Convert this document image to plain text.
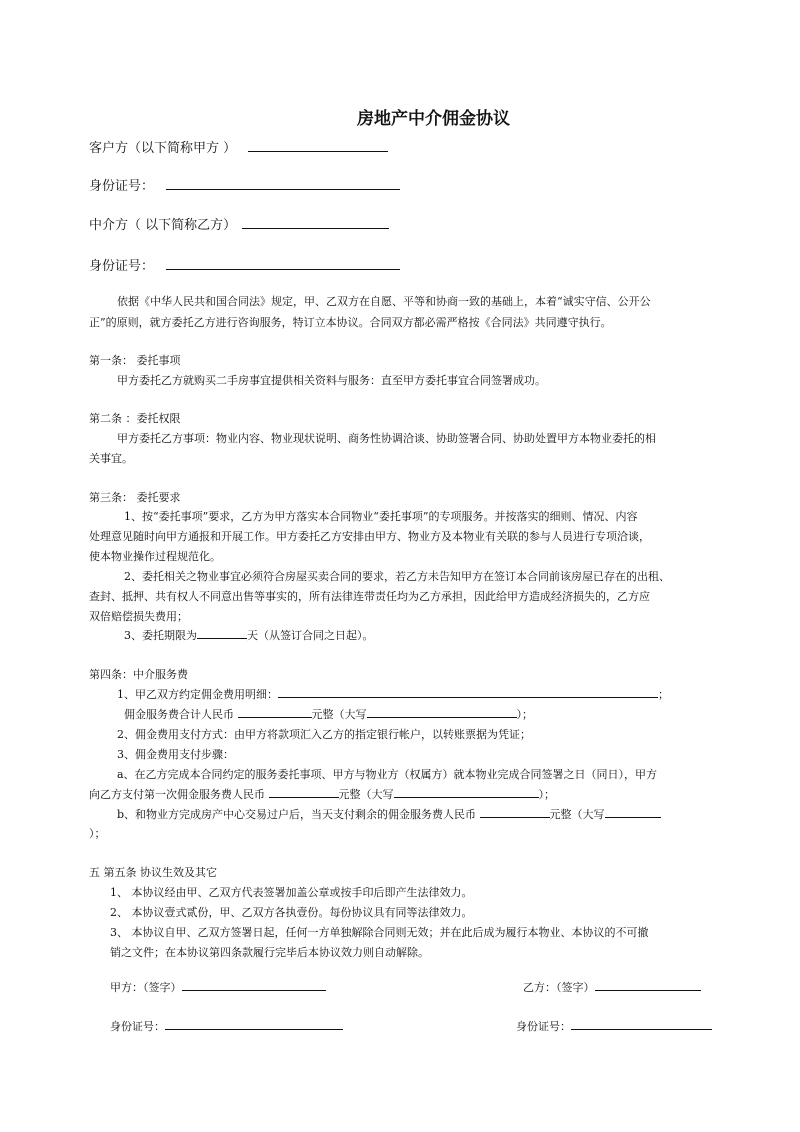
房地产中介佣金协议
客户方（以下简称甲方 ）
身份证号：
中介方（ 以下简称乙方）
身份证号：
依据《中华人民共和国合同法》规定，甲、乙双方在自愿、平等和协商一致的基础上，本着“诚实守信、公开公
正”的原则，就方委托乙方进行咨询服务，特订立本协议。合同双方都必需严格按《合同法》共同遵守执行。
第一条： 委托事项
甲方委托乙方就购买二手房事宜提供相关资料与服务：直至甲方委托事宜合同签署成功。
第二条 ：委托权限
甲方委托乙方事项：物业内容、物业现状说明、商务性协调洽谈、协助签署合同、协助处置甲方本物业委托的相
关事宜。
第三条： 委托要求
1、按“委托事项”要求，乙方为甲方落实本合同物业“委托事项”的专项服务。并按落实的细则、情况、内容
处理意见随时向甲方通报和开展工作。甲方委托乙方安排由甲方、物业方及本物业有关联的参与人员进行专项洽谈，
使本物业操作过程规范化。
2、委托相关之物业事宜必须符合房屋买卖合同的要求，若乙方未告知甲方在签订本合同前该房屋已存在的出租、
查封、抵押、共有权人不同意出售等事实的，所有法律连带责任均为乙方承担，因此给甲方造成经济损失的，乙方应
双倍赔偿损失费用；
3、委托期限为	天（从签订合同之日起）。
第四条：中介服务费
1、甲乙双方约定佣金费用明细：	；
佣金服务费合计人民币	元整（大写	）；
2、佣金费用支付方式：由甲方将款项汇入乙方的指定银行帐户，以转账票据为凭证；
3、佣金费用支付步骤：
a、在乙方完成本合同约定的服务委托事项、甲方与物业方（权属方）就本物业完成合同签署之日（同日），甲方
向乙方支付第一次佣金服务费人民币	元整（大写	）；
b、和物业方完成房产中心交易过户后，当天支付剩余的佣金服务费人民币	元整（大写
）；
五 第五条 协议生效及其它
1、 本协议经由甲、乙双方代表签署加盖公章或按手印后即产生法律效力。
2、 本协议壹式贰份，甲、乙双方各执壹份。每份协议具有同等法律效力。
3、 本协议自甲、乙双方签署日起，任何一方单独解除合同则无效；并在此后成为履行本物业、本协议的不可撤
销之文件；在本协议第四条款履行完毕后本协议效力则自动解除。
甲方：（签字）	乙方：（签字）
身份证号：	身份证号：
